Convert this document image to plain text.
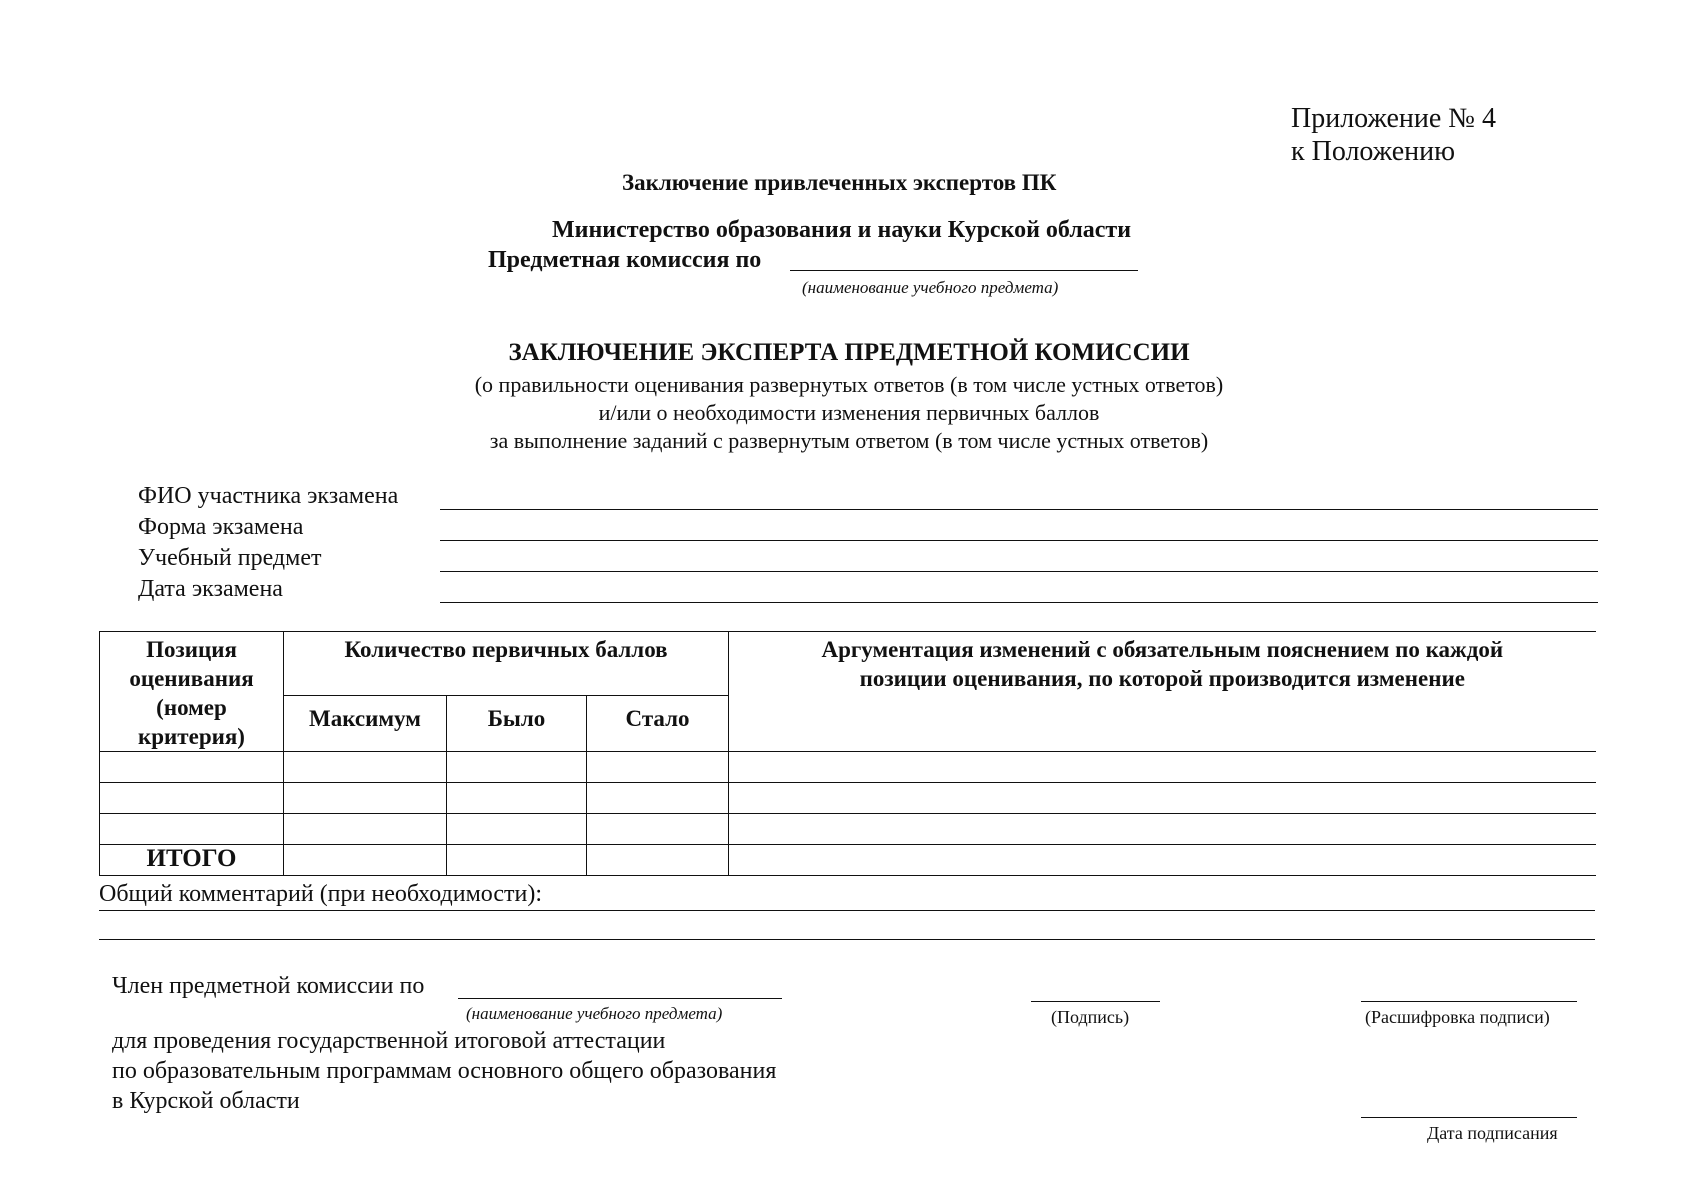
Приложение № 4
к Положению
Заключение привлеченных экспертов ПК
Министерство образования и науки Курской области
Предметная комиссия по
(наименование учебного предмета)
ЗАКЛЮЧЕНИЕ ЭКСПЕРТА ПРЕДМЕТНОЙ КОМИССИИ
(о правильности оценивания развернутых ответов (в том числе устных ответов)
и/или о необходимости изменения первичных баллов
за выполнение заданий с развернутым ответом (в том числе устных ответов)
ФИО участника экзамена
Форма экзамена
Учебный предмет
Дата экзамена
Позиция оценивания (номер критерия)	Количество первичных баллов			Аргументация изменений с обязательным пояснением по каждой позиции оценивания, по которой производится изменение
	Максимум	Было	Стало	

ИТОГО				
Общий комментарий (при необходимости):
Член предметной комиссии по
(наименование учебного предмета)
для проведения государственной итоговой аттестации
по образовательным программам основного общего образования
в Курской области
(Подпись)	(Расшифровка подписи)
Дата подписания
